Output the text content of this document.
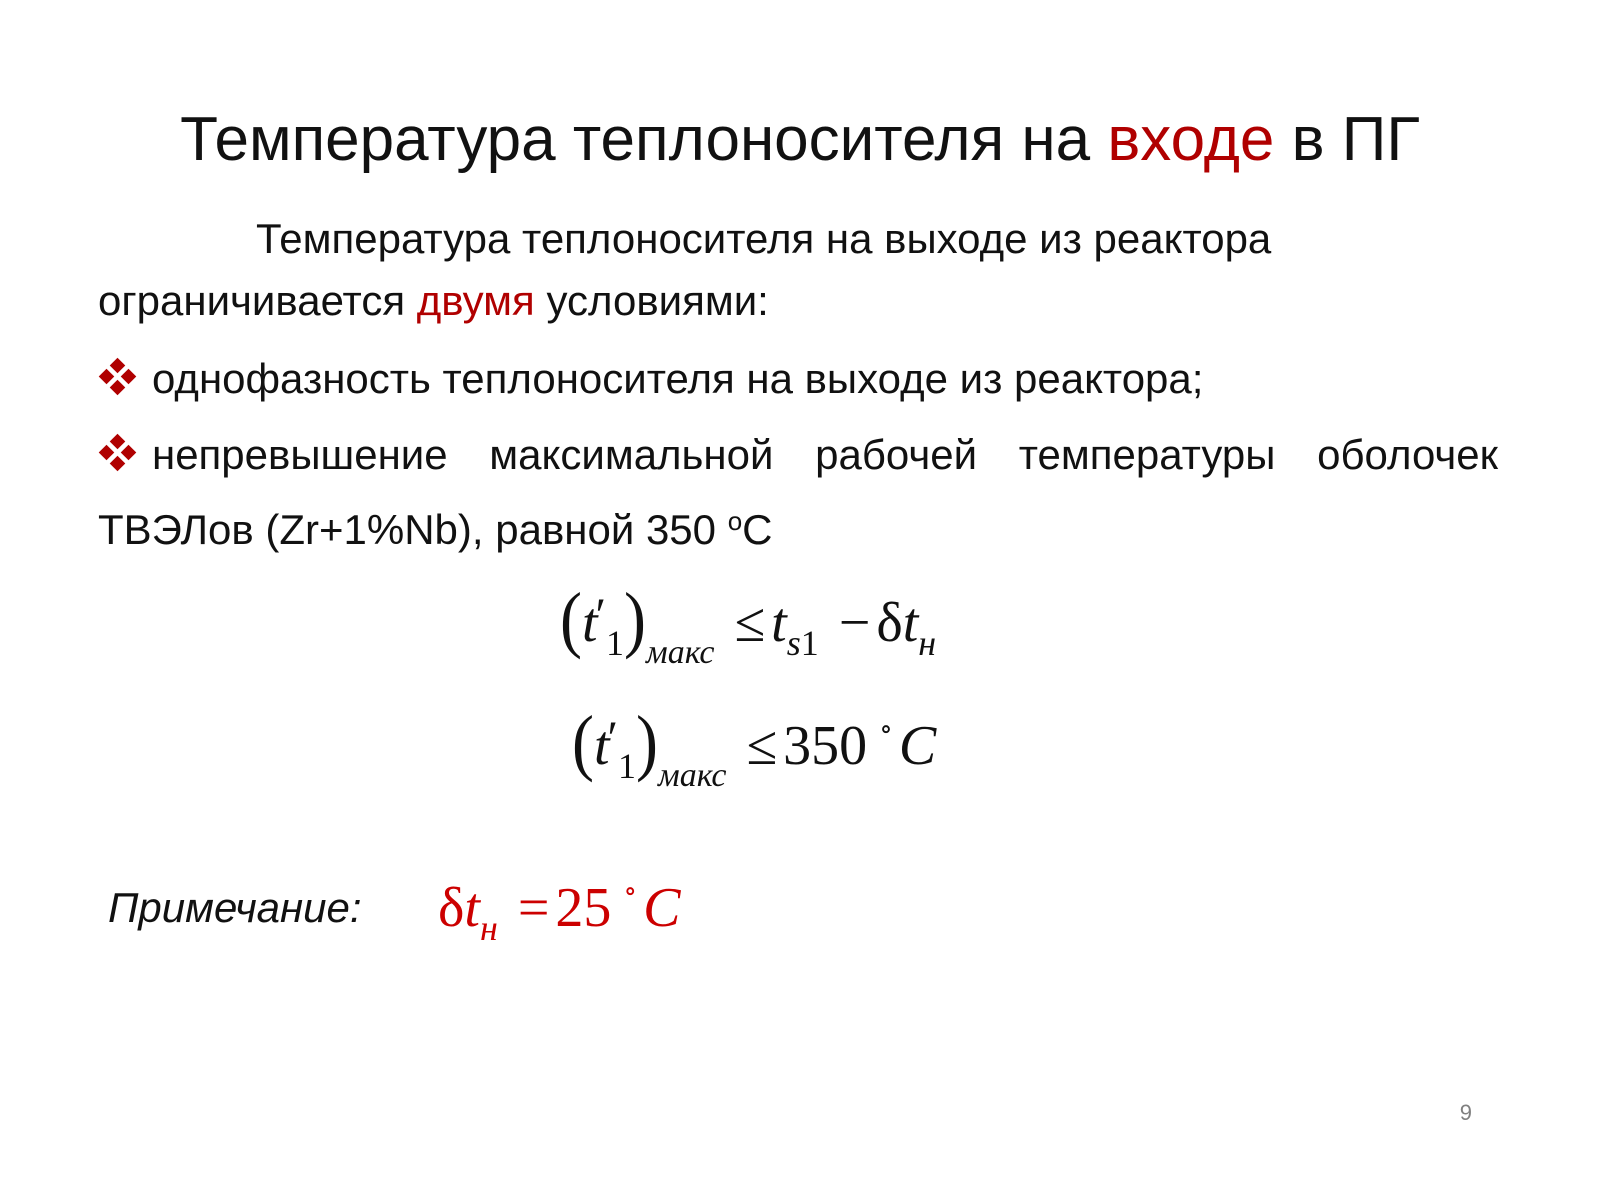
Температура теплоносителя на входе в ПГ
Температура теплоносителя на выходе из реактора
ограничивается двумя условиями:
однофазность теплоносителя на выходе из реактора;
непревышение максимальной рабочей температуры оболочек ТВЭЛов (Zr+1%Nb), равной 350 $^о$С
$(t'_1)_{макс} \le t_{s1} - \delta t_н$
$(t'_1)_{макс} \le 350$ ∘ C
Примечание: $\delta t_н = 25$ ∘ C
9
